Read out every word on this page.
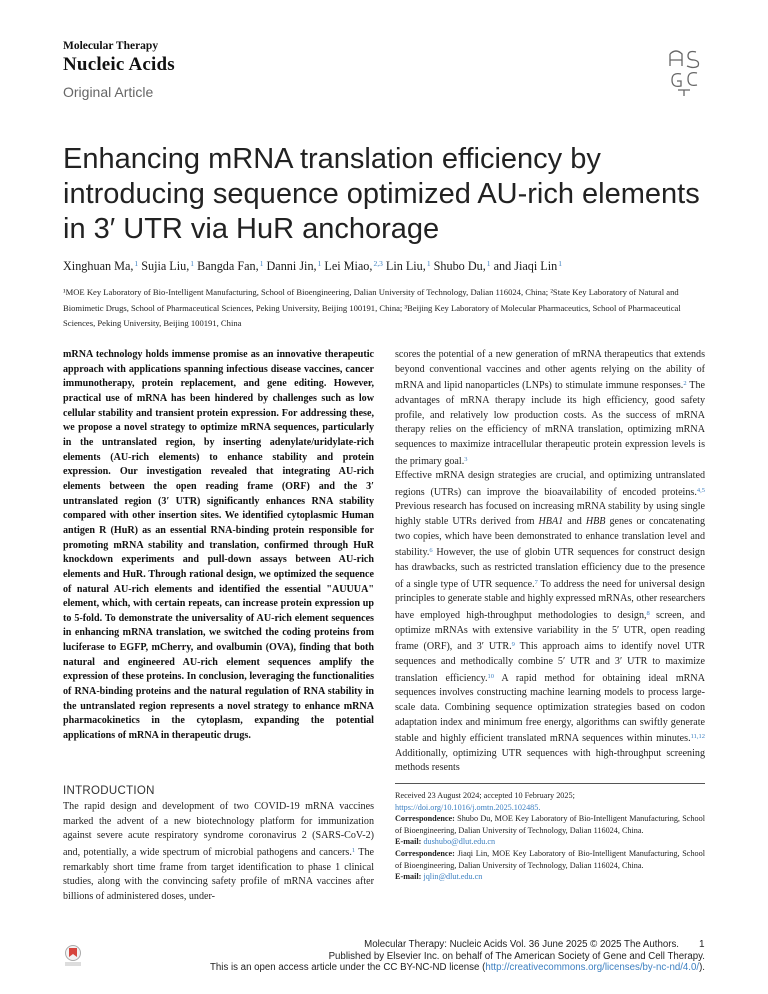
Molecular Therapy
Nucleic Acids
Original Article
Enhancing mRNA translation efficiency by introducing sequence optimized AU-rich elements in 3′ UTR via HuR anchorage
Xinghuan Ma,$^1$ Sujia Liu,$^1$ Bangda Fan,$^1$ Danni Jin,$^1$ Lei Miao,$^{2,3}$ Lin Liu,$^1$ Shubo Du,$^1$ and Jiaqi Lin$^1$
¹MOE Key Laboratory of Bio-Intelligent Manufacturing, School of Bioengineering, Dalian University of Technology, Dalian 116024, China; ²State Key Laboratory of Natural and Biomimetic Drugs, School of Pharmaceutical Sciences, Peking University, Beijing 100191, China; ³Beijing Key Laboratory of Molecular Pharmaceutics, School of Pharmaceutical Sciences, Peking University, Beijing 100191, China
mRNA technology holds immense promise as an innovative therapeutic approach with applications spanning infectious disease vaccines, cancer immunotherapy, protein replacement, and gene editing. However, practical use of mRNA has been hindered by challenges such as low cellular stability and transient protein expression. For addressing these, we propose a novel strategy to optimize mRNA sequences, particularly in the untranslated region, by inserting adenylate/uridylate-rich elements (AU-rich elements) to enhance stability and protein expression. Our investigation revealed that integrating AU-rich elements between the open reading frame (ORF) and the 3′ untranslated region (3′ UTR) significantly enhances RNA stability compared with other insertion sites. We identified cytoplasmic Human antigen R (HuR) as an essential RNA-binding protein responsible for promoting mRNA stability and translation, confirmed through HuR knockdown experiments and pull-down assays between AU-rich elements and HuR. Through rational design, we optimized the sequence of natural AU-rich elements and identified the essential "AUUUA" element, which, with certain repeats, can increase protein expression up to 5-fold. To demonstrate the universality of AU-rich element sequences in enhancing mRNA translation, we switched the coding proteins from luciferase to EGFP, mCherry, and ovalbumin (OVA), finding that both natural and engineered AU-rich element sequences amplify the expression of these proteins. In conclusion, leveraging the functionalities of RNA-binding proteins and the natural regulation of RNA stability in the untranslated region represents a novel strategy to enhance mRNA pharmacokinetics in the cytoplasm, expanding the potential applications of mRNA in therapeutic drugs.
INTRODUCTION
The rapid design and development of two COVID-19 mRNA vaccines marked the advent of a new biotechnology platform for immunization against severe acute respiratory syndrome coronavirus 2 (SARS-CoV-2) and, potentially, a wide spectrum of microbial pathogens and cancers.$^1$ The remarkably short time frame from target identification to phase 1 clinical studies, along with the convincing safety profile of mRNA vaccines after billions of administered doses, under-
scores the potential of a new generation of mRNA therapeutics that extends beyond conventional vaccines and other agents relying on the ability of mRNA and lipid nanoparticles (LNPs) to stimulate immune responses.$^2$ The advantages of mRNA therapy include its high efficiency, good safety profile, and relatively low production costs. As the success of mRNA therapy relies on the efficiency of mRNA translation, optimizing mRNA sequences to maximize intracellular therapeutic protein expression levels is the primary goal.$^3$
Effective mRNA design strategies are crucial, and optimizing untranslated regions (UTRs) can improve the bioavailability of encoded proteins.$^{4,5}$ Previous research has focused on increasing mRNA stability by using single highly stable UTRs derived from HBA1 and HBB genes or concatenating two copies, which have been demonstrated to enhance translation level and stability.$^6$ However, the use of globin UTR sequences for construct design has drawbacks, such as restricted translation efficiency due to the presence of a single type of UTR sequence.$^7$ To address the need for universal design principles to generate stable and highly expressed mRNAs, other researchers have employed high-throughput methodologies to design,$^8$ screen, and optimize mRNAs with extensive variability in the 5′ UTR, open reading frame (ORF), and 3′ UTR.$^9$ This approach aims to identify novel UTR sequences and methodically combine 5′ UTR and 3′ UTR to maximize translation efficiency.$^{10}$ A rapid method for obtaining ideal mRNA sequences involves constructing machine learning models to process large-scale data. Combining sequence optimization strategies based on codon adaptation index and minimum free energy, algorithms can swiftly generate stable and highly efficient translated mRNA sequences within minutes.$^{11,12}$ Additionally, optimizing UTR sequences with high-throughput screening methods resents
Received 23 August 2024; accepted 10 February 2025;
https://doi.org/10.1016/j.omtn.2025.102485.
Correspondence: Shubo Du, MOE Key Laboratory of Bio-Intelligent Manufacturing, School of Bioengineering, Dalian University of Technology, Dalian 116024, China.
E-mail: dushubo@dlut.edu.cn
Correspondence: Jiaqi Lin, MOE Key Laboratory of Bio-Intelligent Manufacturing, School of Bioengineering, Dalian University of Technology, Dalian 116024, China.
E-mail: jqlin@dlut.edu.cn
Molecular Therapy: Nucleic Acids Vol. 36 June 2025 © 2025 The Authors.
Published by Elsevier Inc. on behalf of The American Society of Gene and Cell Therapy.
This is an open access article under the CC BY-NC-ND license (http://creativecommons.org/licenses/by-nc-nd/4.0/).
1
